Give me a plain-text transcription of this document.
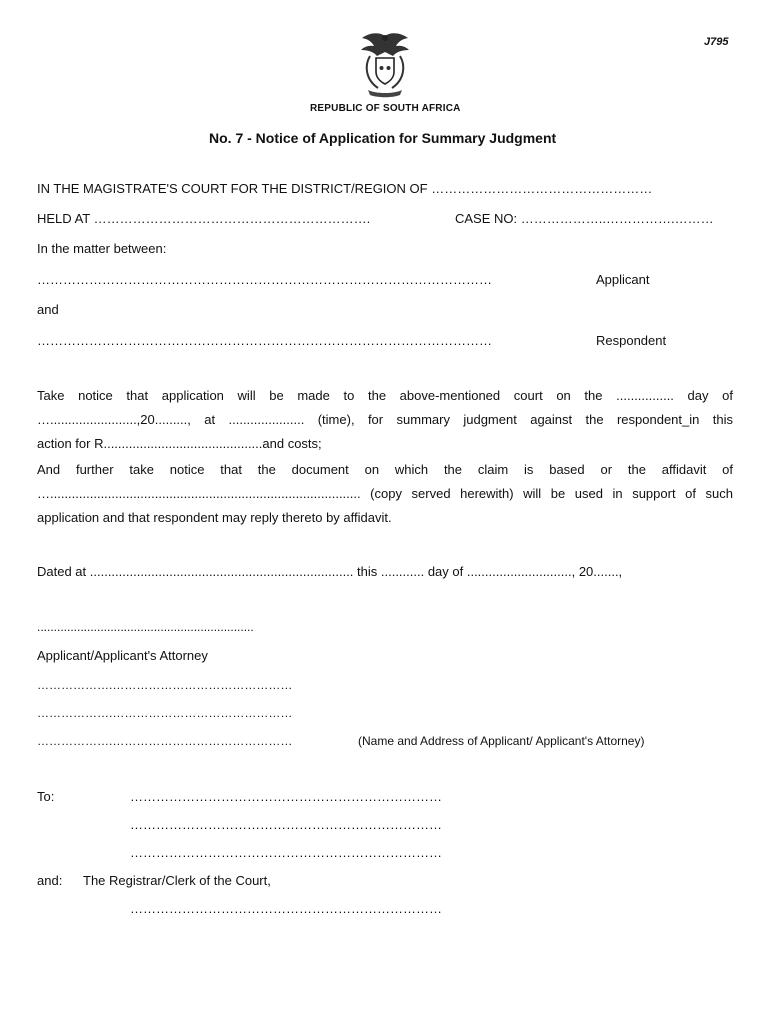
J795
REPUBLIC OF SOUTH AFRICA
No. 7 - Notice of Application for Summary Judgment
IN THE MAGISTRATE'S COURT FOR THE DISTRICT/REGION OF ……………………………………………
HELD AT ……………………………………………………….	CASE NO: ………………..…………….………
In the matter between:
……………………………………………………………………………………………	Applicant
and
……………………………………………………………………………………………	Respondent
Take notice that application will be made to the above-mentioned court on the ................ day of
…........................,20........., at ..................... (time), for summary judgment against the respondent_in this
action for R............................................and costs;
And further take notice that the document on which the claim is based or the affidavit of
…...................................................................................... (copy served herewith) will be used in support of such
application and that respondent may reply thereto by affidavit.
Dated at ......................................................................... this ............ day of ............................., 20.......,
.................................................................
Applicant/Applicant's Attorney
……………….………………………………………
……………….………………………………………
……………….………………………………………	(Name and Address of Applicant/ Applicant's Attorney)
To:	………………………………………………………………
………………………………………………………………
………………………………………………………………
and: The Registrar/Clerk of the Court,
………………………………………………………………
